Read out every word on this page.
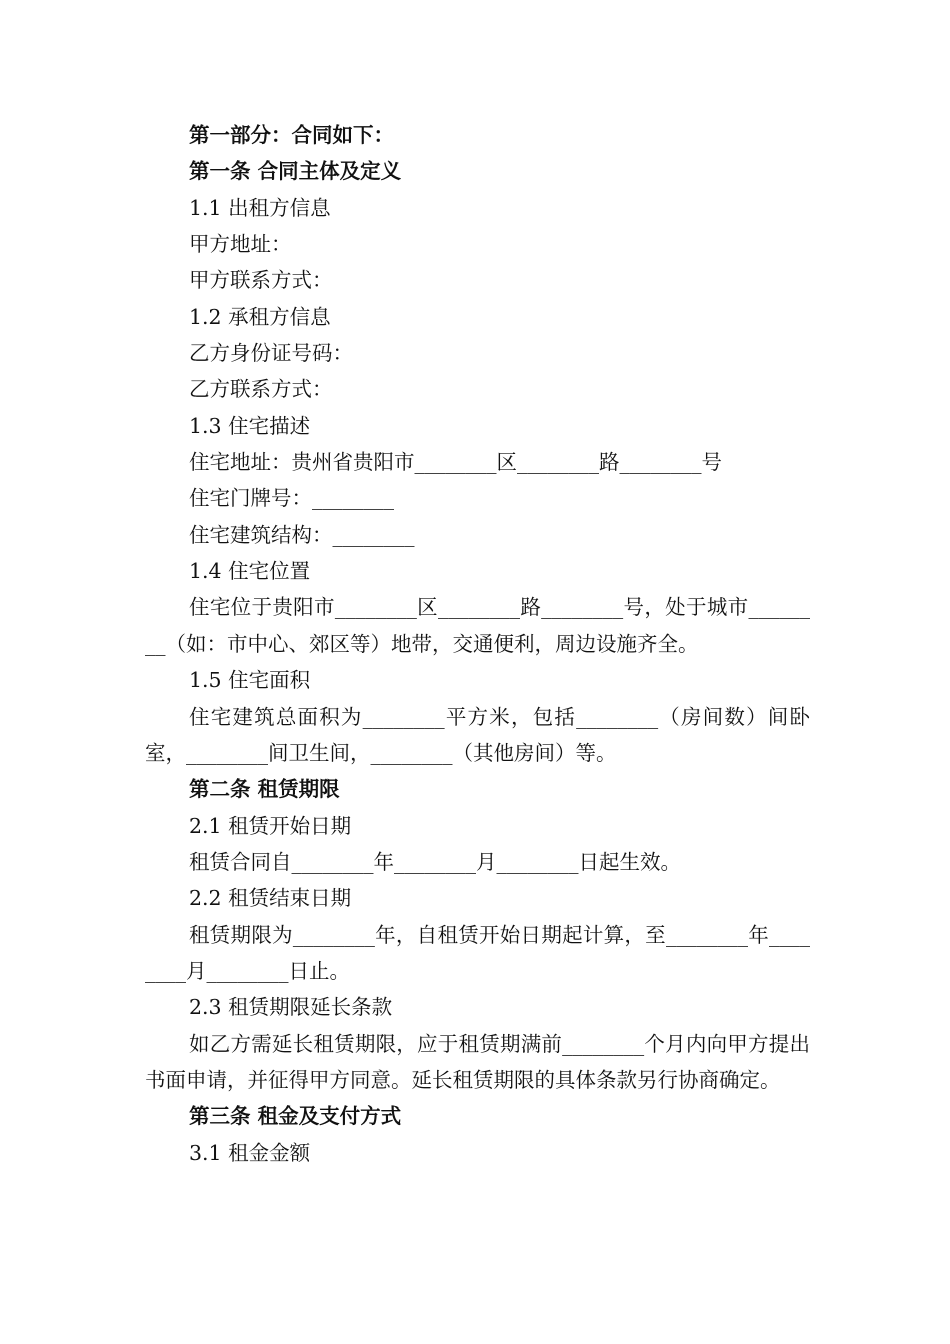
第一部分：合同如下：

第一条 合同主体及定义

1.1 出租方信息

甲方地址：

甲方联系方式：

1.2 承租方信息

乙方身份证号码：

乙方联系方式：

1.3 住宅描述

住宅地址：贵州省贵阳市________区________路________号

住宅门牌号：________

住宅建筑结构：________

1.4 住宅位置

住宅位于贵阳市________区________路________号，处于城市________（如：市中心、郊区等）地带，交通便利，周边设施齐全。

1.5 住宅面积

住宅建筑总面积为________平方米，包括________（房间数）间卧室，________间卫生间，________（其他房间）等。

第二条 租赁期限

2.1 租赁开始日期

租赁合同自________年________月________日起生效。

2.2 租赁结束日期

租赁期限为________年，自租赁开始日期起计算，至________年________月________日止。

2.3 租赁期限延长条款

如乙方需延长租赁期限，应于租赁期满前________个月内向甲方提出书面申请，并征得甲方同意。延长租赁期限的具体条款另行协商确定。

第三条 租金及支付方式

3.1 租金金额
